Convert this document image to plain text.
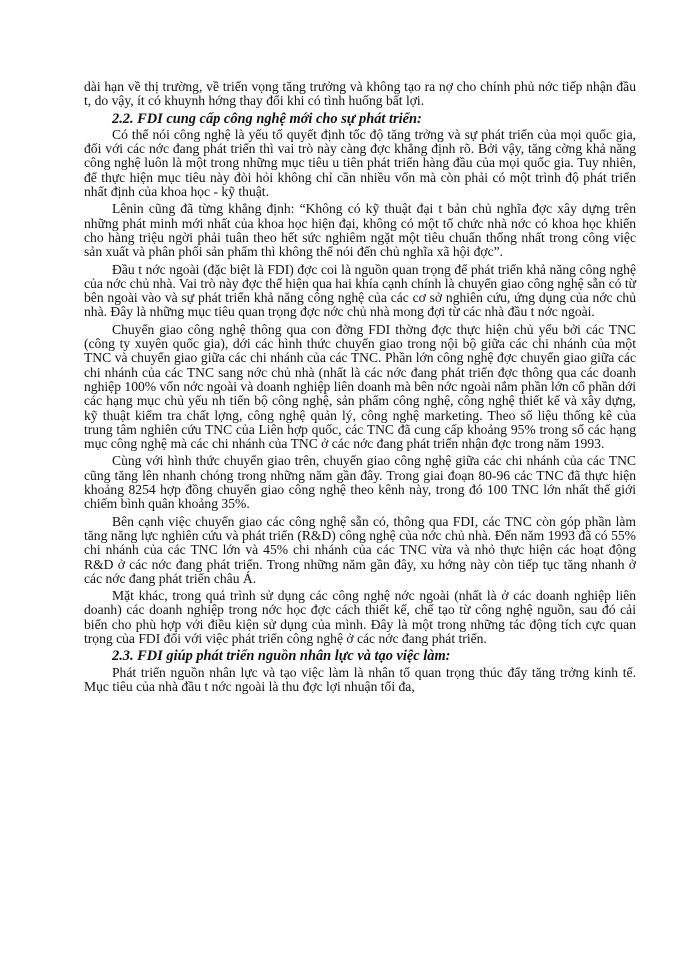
dài hạn về thị trường, về triển vọng tăng trưởng và không tạo ra nợ cho chính phủ nớc tiếp nhận đầu t, do vậy, ít có khuynh hớng thay đổi khi có tình huống bất lợi.

2.2. FDI cung cấp công nghệ mới cho sự phát triển:

Có thể nói công nghệ là yếu tố quyết định tốc độ tăng trởng và sự phát triển của mọi quốc gia, đối với các nớc đang phát triển thì vai trò này càng đợc khẳng định rõ. Bởi vậy, tăng cờng khả năng công nghệ luôn là một trong những mục tiêu u tiên phát triển hàng đầu của mọi quốc gia. Tuy nhiên, để thực hiện mục tiêu này đòi hỏi không chỉ cần nhiều vốn mà còn phải có một trình độ phát triển nhất định của khoa học - kỹ thuật.

Lênin cũng đã từng khẳng định: “Không có kỹ thuật đại t bản chủ nghĩa đợc xây dựng trên những phát minh mới nhất của khoa học hiện đại, không có một tổ chức nhà nớc có khoa học khiến cho hàng triệu ngời phải tuân theo hết sức nghiêm ngặt một tiêu chuẩn thống nhất trong công việc sản xuất và phân phối sản phẩm thì không thể nói đến chủ nghĩa xã hội đợc”.

Đầu t nớc ngoài (đặc biệt là FDI) đợc coi là nguồn quan trọng để phát triển khả năng công nghệ của nớc chủ nhà. Vai trò này đợc thể hiện qua hai khía cạnh chính là chuyển giao công nghệ sẵn có từ bên ngoài vào và sự phát triển khả năng công nghệ của các cơ sở nghiên cứu, ứng dụng của nớc chủ nhà. Đây là những mục tiêu quan trọng đợc nớc chủ nhà mong đợi từ các nhà đầu t nớc ngoài.

Chuyển giao công nghệ thông qua con đờng FDI thờng đợc thực hiện chủ yếu bởi các TNC (công ty xuyên quốc gia), dới các hình thức chuyển giao trong nội bộ giữa các chi nhánh của một TNC và chuyển giao giữa các chi nhánh của các TNC. Phần lớn công nghệ đợc chuyển giao giữa các chi nhánh của các TNC sang nớc chủ nhà (nhất là các nớc đang phát triển đợc thông qua các doanh nghiệp 100% vốn nớc ngoài và doanh nghiệp liên doanh mà bên nớc ngoài nắm phần lớn cổ phần dới các hạng mục chủ yếu nh tiến bộ công nghệ, sản phẩm công nghệ, công nghệ thiết kế và xây dựng, kỹ thuật kiểm tra chất lợng, công nghệ quản lý, công nghệ marketing. Theo số liệu thống kê của trung tâm nghiên cứu TNC của Liên hợp quốc, các TNC đã cung cấp khoảng 95% trong số các hạng mục công nghệ mà các chi nhánh của TNC ở các nớc đang phát triển nhận đợc trong năm 1993.

Cùng với hình thức chuyển giao trên, chuyển giao công nghệ giữa các chi nhánh của các TNC cũng tăng lên nhanh chóng trong những năm gần đây. Trong giai đoạn 80-96 các TNC đã thực hiện khoảng 8254 hợp đồng chuyển giao công nghệ theo kênh này, trong đó 100 TNC lớn nhất thế giới chiếm bình quân khoảng 35%.

Bên cạnh việc chuyển giao các công nghệ sẵn có, thông qua FDI, các TNC còn góp phần làm tăng năng lực nghiên cứu và phát triển (R&D) công nghệ của nớc chủ nhà. Đến năm 1993 đã có 55% chi nhánh của các TNC lớn và 45% chi nhánh của các TNC vừa và nhỏ thực hiện các hoạt động R&D ở các nớc đang phát triển. Trong những năm gần đây, xu hớng này còn tiếp tục tăng nhanh ở các nớc đang phát triển châu Á.

Mặt khác, trong quá trình sử dụng các công nghệ nớc ngoài (nhất là ở các doanh nghiệp liên doanh) các doanh nghiệp trong nớc học đợc cách thiết kế, chế tạo từ công nghệ nguồn, sau đó cải biến cho phù hợp với điều kiện sử dụng của mình. Đây là một trong những tác động tích cực quan trọng của FDI đối với việc phát triển công nghệ ở các nớc đang phát triển.

2.3. FDI giúp phát triển nguồn nhân lực và tạo việc làm:

Phát triển nguồn nhân lực và tạo việc làm là nhân tố quan trọng thúc đẩy tăng trởng kinh tế. Mục tiêu của nhà đầu t nớc ngoài là thu đợc lợi nhuận tối đa,
